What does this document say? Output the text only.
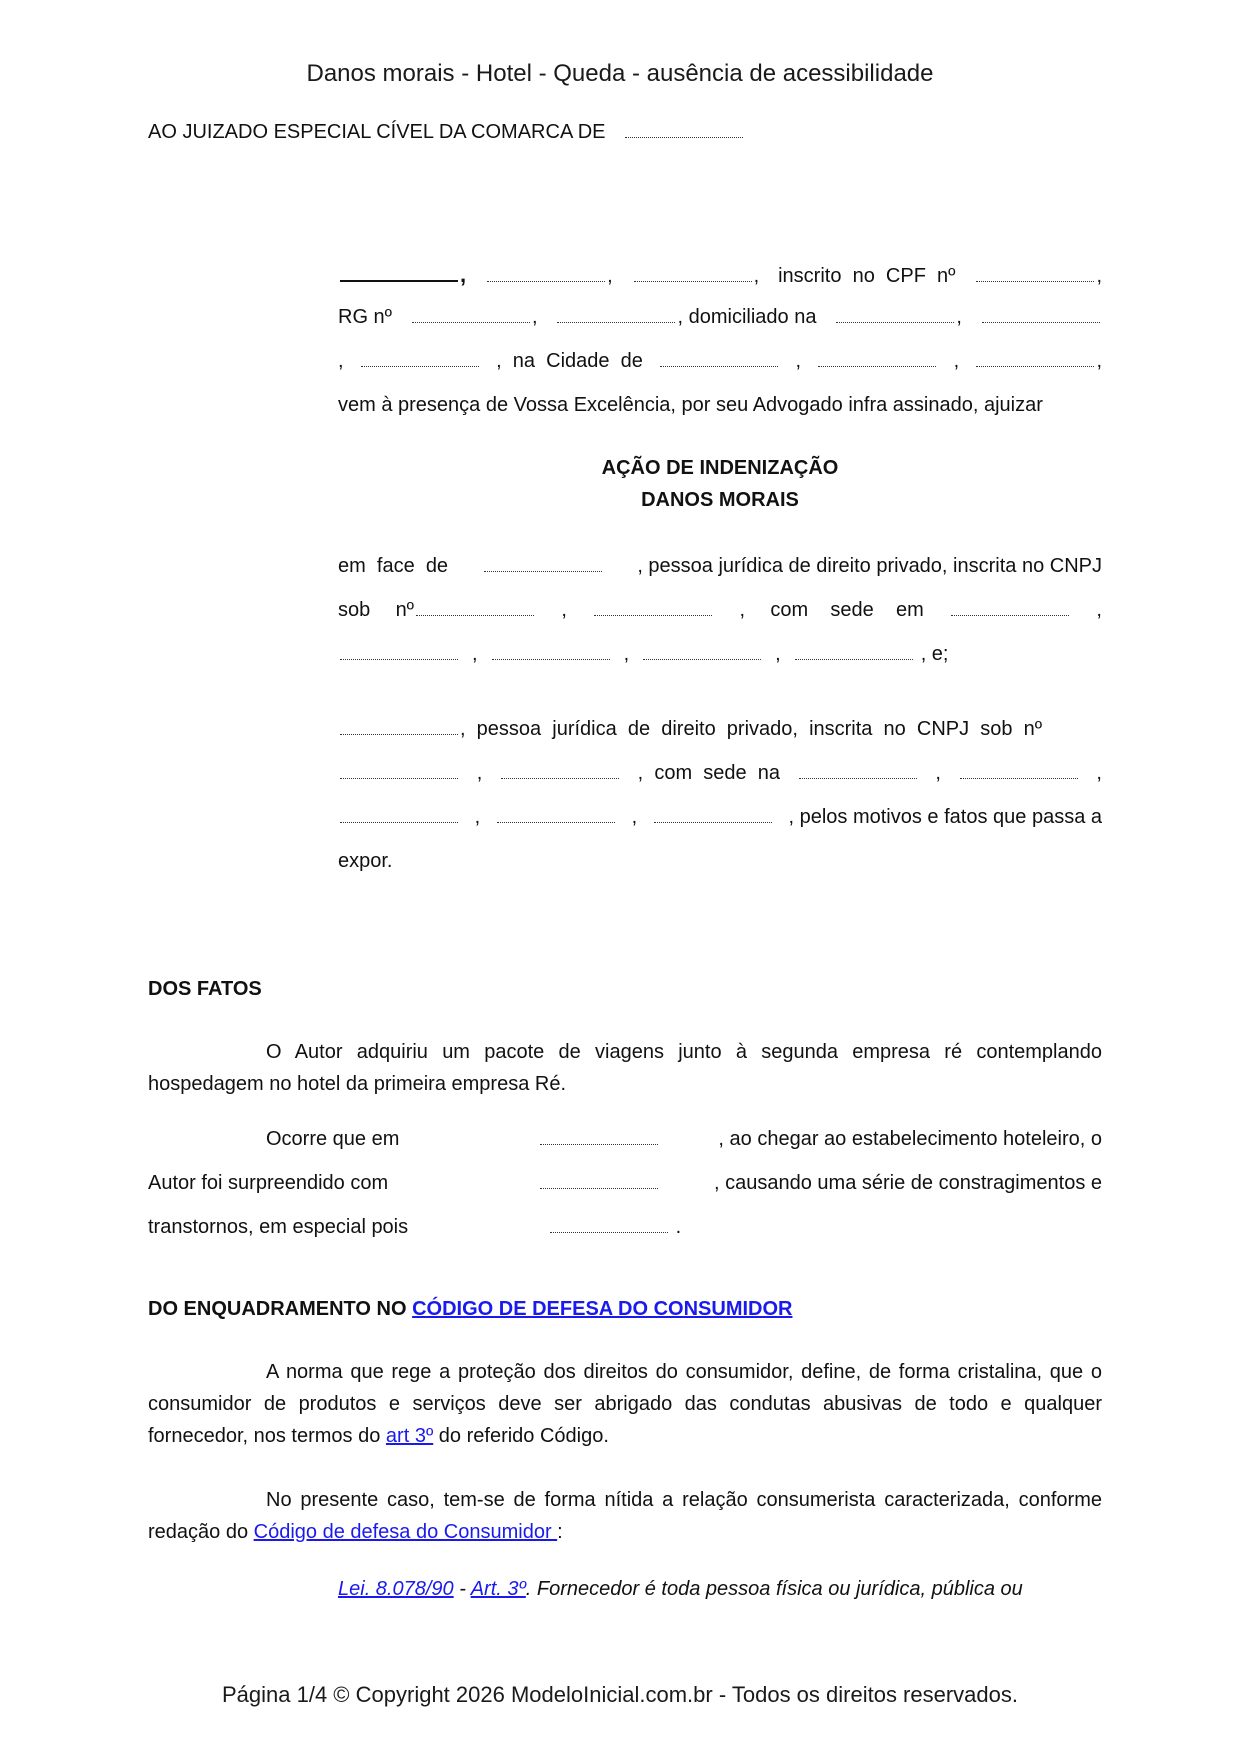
Danos morais - Hotel - Queda - ausência de acessibilidade
AO JUIZADO ESPECIAL CÍVEL DA COMARCA DE
,	,	, inscrito  no  CPF  nº	,
RG nº	,	, domiciliado na	,
,	,  na  Cidade  de	,	,	,
vem à presença de Vossa Excelência, por seu Advogado infra assinado, ajuizar
AÇÃO DE INDENIZAÇÃO
DANOS MORAIS
em  face  de	, pessoa jurídica de direito privado, inscrita no CNPJ
sob nº	,	, com    sede    em	,
,	,	,	, e;
,  pessoa  jurídica  de  direito  privado,  inscrita  no  CNPJ  sob  nº
,	,  com  sede  na	,	,
,	,	, pelos motivos e fatos que passa a
expor.
DOS FATOS
O Autor adquiriu um pacote de viagens junto à segunda empresa ré contemplando hospedagem no hotel da primeira empresa Ré.
Ocorre que em	, ao chegar ao estabelecimento hoteleiro, o
Autor foi surpreendido com	, causando uma série de constragimentos e
transtornos, em especial pois	.
DO ENQUADRAMENTO NO CÓDIGO DE DEFESA DO CONSUMIDOR
A norma que rege a proteção dos direitos do consumidor, define, de forma cristalina, que o consumidor de produtos e serviços deve ser abrigado das condutas abusivas de todo e qualquer fornecedor, nos termos do art 3º do referido Código.
No presente caso, tem-se de forma nítida a relação consumerista caracterizada, conforme redação do Código de defesa do Consumidor :
Lei. 8.078/90 - Art. 3º. Fornecedor é toda pessoa física ou jurídica, pública ou
Página 1/4 © Copyright 2026 ModeloInicial.com.br - Todos os direitos reservados.
